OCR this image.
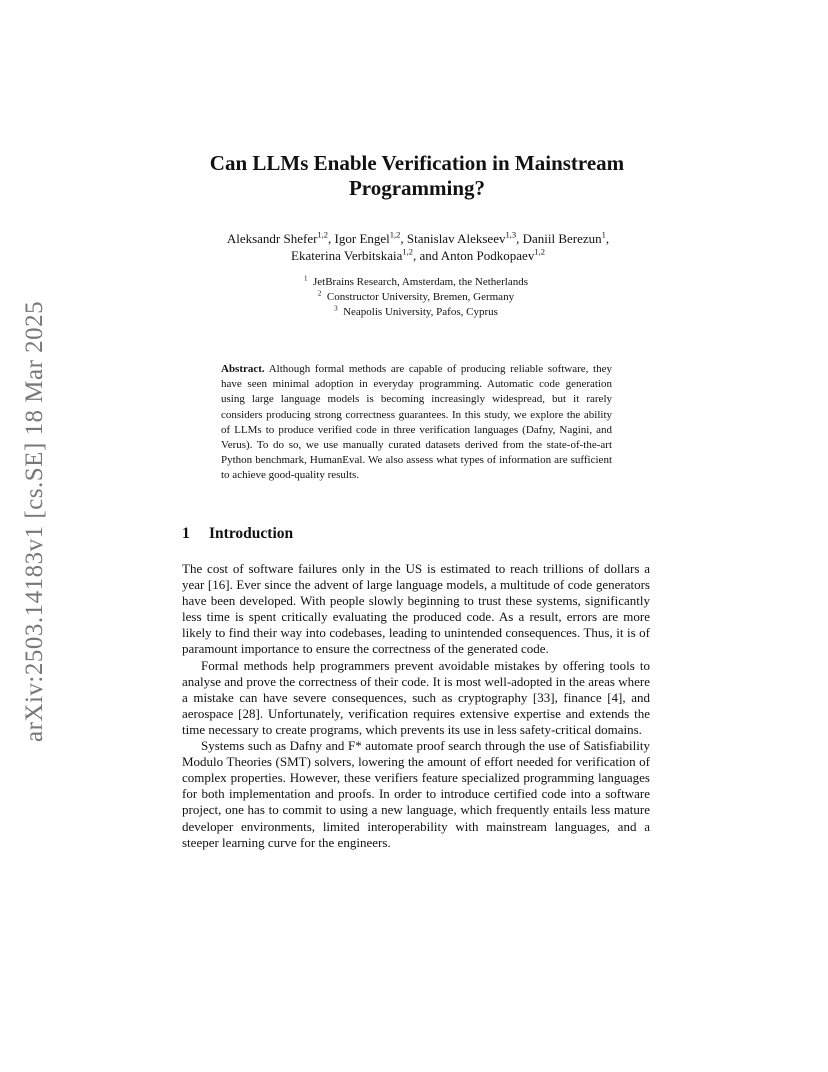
arXiv:2503.14183v1 [cs.SE] 18 Mar 2025
Can LLMs Enable Verification in Mainstream
Programming?
Aleksandr Shefer$^{1,2}$, Igor Engel$^{1,2}$, Stanislav Alekseev$^{1,3}$, Daniil Berezun$^1$,
Ekaterina Verbitskaia$^{1,2}$, and Anton Podkopaev$^{1,2}$
$^1$ JetBrains Research, Amsterdam, the Netherlands
$^2$ Constructor University, Bremen, Germany
$^3$ Neapolis University, Pafos, Cyprus
Abstract. Although formal methods are capable of producing reliable software, they have seen minimal adoption in everyday programming. Automatic code generation using large language models is becoming increasingly widespread, but it rarely considers producing strong correctness guarantees. In this study, we explore the ability of LLMs to produce verified code in three verification languages (Dafny, Nagini, and Verus). To do so, we use manually curated datasets derived from the state-of-the-art Python benchmark, HumanEval. We also assess what types of information are sufficient to achieve good-quality results.
1 Introduction

The cost of software failures only in the US is estimated to reach trillions of dollars a year [16]. Ever since the advent of large language models, a multitude of code generators have been developed. With people slowly beginning to trust these systems, significantly less time is spent critically evaluating the produced code. As a result, errors are more likely to find their way into codebases, leading to unintended consequences. Thus, it is of paramount importance to ensure the correctness of the generated code.

Formal methods help programmers prevent avoidable mistakes by offering tools to analyse and prove the correctness of their code. It is most well-adopted in the areas where a mistake can have severe consequences, such as cryptography [33], finance [4], and aerospace [28]. Unfortunately, verification requires extensive expertise and extends the time necessary to create programs, which prevents its use in less safety-critical domains.

Systems such as Dafny and F* automate proof search through the use of Satisfiability Modulo Theories (SMT) solvers, lowering the amount of effort needed for verification of complex properties. However, these verifiers feature specialized programming languages for both implementation and proofs. In order to introduce certified code into a software project, one has to commit to using a new language, which frequently entails less mature developer environments, limited interoperability with mainstream languages, and a steeper learning curve for the engineers.
